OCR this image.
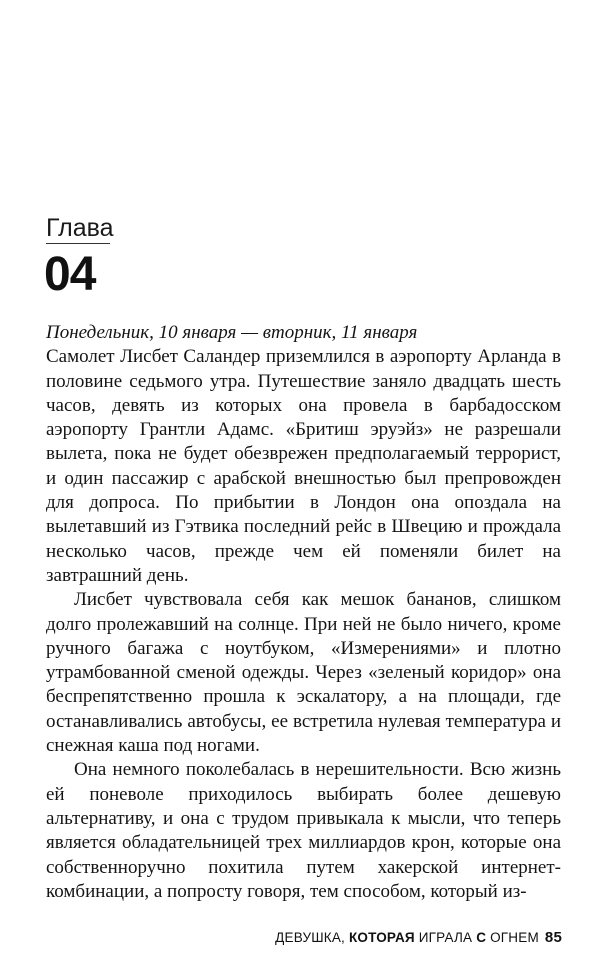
Глава
04

Понедельник, 10 января — вторник, 11 января

Самолет Лисбет Саландер приземлился в аэропорту Арланда в половине седьмого утра. Путешествие заняло двадцать шесть часов, девять из которых она провела в барбадосском аэропорту Грантли Адамс. «Бритиш эруэйз» не разрешали вылета, пока не будет обезврежен предполагаемый террорист, и один пассажир с арабской внешностью был препровожден для допроса. По прибытии в Лондон она опоздала на вылетавший из Гэтвика последний рейс в Швецию и прождала несколько часов, прежде чем ей поменяли билет на завтрашний день.

Лисбет чувствовала себя как мешок бананов, слишком долго пролежавший на солнце. При ней не было ничего, кроме ручного багажа с ноутбуком, «Измерениями» и плотно утрамбованной сменой одежды. Через «зеленый коридор» она беспрепятственно прошла к эскалатору, а на площади, где останавливались автобусы, ее встретила нулевая температура и снежная каша под ногами.

Она немного поколебалась в нерешительности. Всю жизнь ей поневоле приходилось выбирать более дешевую альтернативу, и она с трудом привыкала к мысли, что теперь является обладательницей трех миллиардов крон, которые она собственноручно похитила путем хакерской интернет-комбинации, а попросту говоря, тем способом, который из-

ДЕВУШКА, КОТОРАЯ ИГРАЛА С ОГНЕМ 85
